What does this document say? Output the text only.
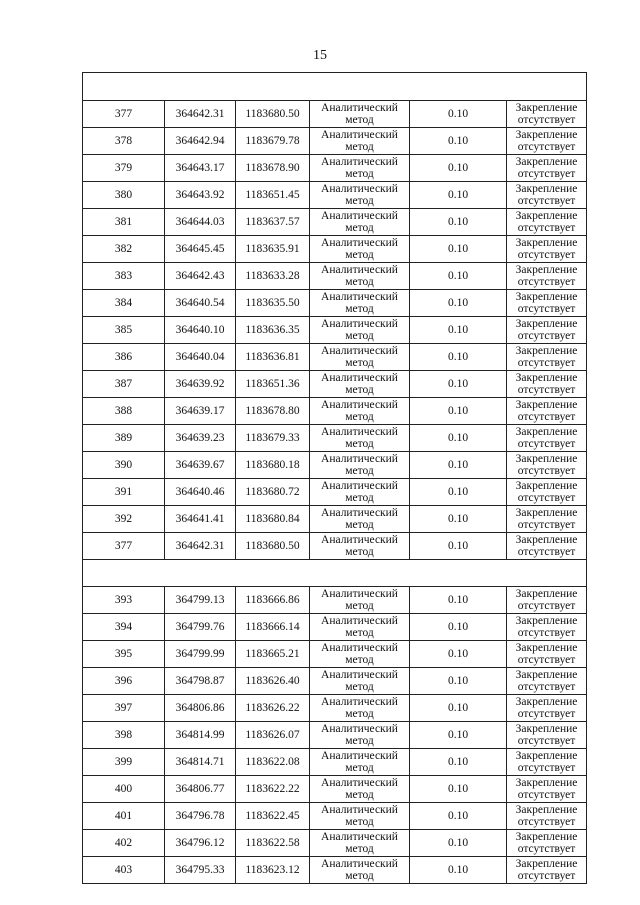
15

377	364642.31	1183680.50	Аналитический метод	0.10	Закрепление отсутствует
378	364642.94	1183679.78	Аналитический метод	0.10	Закрепление отсутствует
379	364643.17	1183678.90	Аналитический метод	0.10	Закрепление отсутствует
380	364643.92	1183651.45	Аналитический метод	0.10	Закрепление отсутствует
381	364644.03	1183637.57	Аналитический метод	0.10	Закрепление отсутствует
382	364645.45	1183635.91	Аналитический метод	0.10	Закрепление отсутствует
383	364642.43	1183633.28	Аналитический метод	0.10	Закрепление отсутствует
384	364640.54	1183635.50	Аналитический метод	0.10	Закрепление отсутствует
385	364640.10	1183636.35	Аналитический метод	0.10	Закрепление отсутствует
386	364640.04	1183636.81	Аналитический метод	0.10	Закрепление отсутствует
387	364639.92	1183651.36	Аналитический метод	0.10	Закрепление отсутствует
388	364639.17	1183678.80	Аналитический метод	0.10	Закрепление отсутствует
389	364639.23	1183679.33	Аналитический метод	0.10	Закрепление отсутствует
390	364639.67	1183680.18	Аналитический метод	0.10	Закрепление отсутствует
391	364640.46	1183680.72	Аналитический метод	0.10	Закрепление отсутствует
392	364641.41	1183680.84	Аналитический метод	0.10	Закрепление отсутствует
377	364642.31	1183680.50	Аналитический метод	0.10	Закрепление отсутствует

393	364799.13	1183666.86	Аналитический метод	0.10	Закрепление отсутствует
394	364799.76	1183666.14	Аналитический метод	0.10	Закрепление отсутствует
395	364799.99	1183665.21	Аналитический метод	0.10	Закрепление отсутствует
396	364798.87	1183626.40	Аналитический метод	0.10	Закрепление отсутствует
397	364806.86	1183626.22	Аналитический метод	0.10	Закрепление отсутствует
398	364814.99	1183626.07	Аналитический метод	0.10	Закрепление отсутствует
399	364814.71	1183622.08	Аналитический метод	0.10	Закрепление отсутствует
400	364806.77	1183622.22	Аналитический метод	0.10	Закрепление отсутствует
401	364796.78	1183622.45	Аналитический метод	0.10	Закрепление отсутствует
402	364796.12	1183622.58	Аналитический метод	0.10	Закрепление отсутствует
403	364795.33	1183623.12	Аналитический метод	0.10	Закрепление отсутствует
